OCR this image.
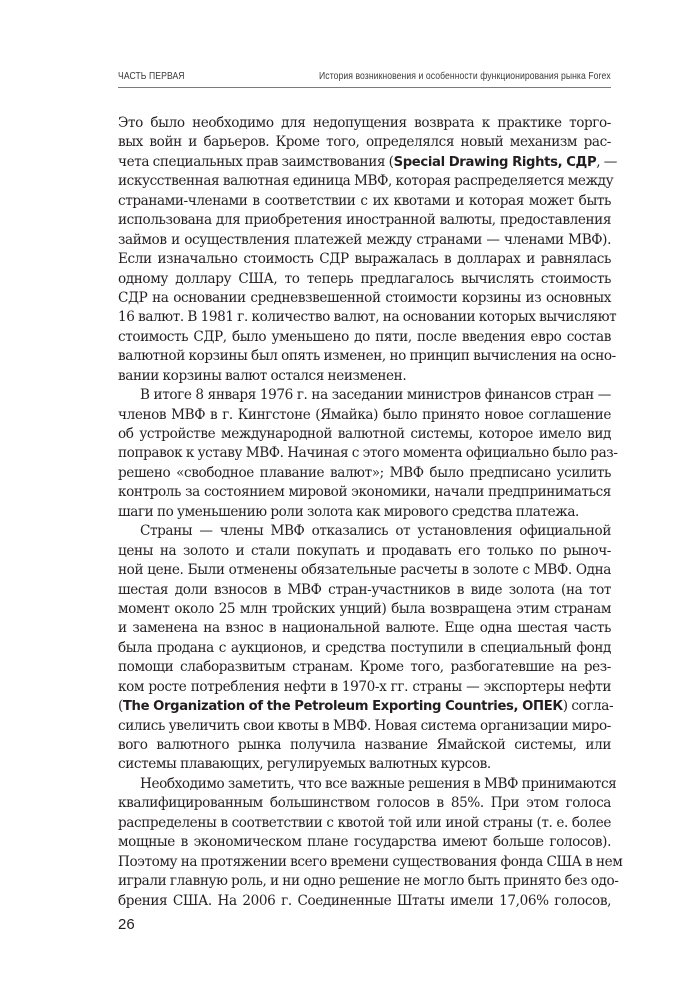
ЧАСТЬ ПЕРВАЯ	История возникновения и особенности функционирования рынка Forex

Это было необходимо для недопущения возврата к практике торго-
вых войн и барьеров. Кроме того, определялся новый механизм рас-
чета специальных прав заимствования (Special Drawing Rights, СДР, —
искусственная валютная единица МВФ, которая распределяется между
странами-членами в соответствии с их квотами и которая может быть
использована для приобретения иностранной валюты, предоставления
займов и осуществления платежей между странами — членами МВФ).
Если изначально стоимость СДР выражалась в долларах и равнялась
одному доллару США, то теперь предлагалось вычислять стоимость
СДР на основании средневзвешенной стоимости корзины из основных
16 валют. В 1981 г. количество валют, на основании которых вычисляют
стоимость СДР, было уменьшено до пяти, после введения евро состав
валютной корзины был опять изменен, но принцип вычисления на осно-
вании корзины валют остался неизменен.

В итоге 8 января 1976 г. на заседании министров финансов стран —
членов МВФ в г. Кингстоне (Ямайка) было принято новое соглашение
об устройстве международной валютной системы, которое имело вид
поправок к уставу МВФ. Начиная с этого момента официально было раз-
решено «свободное плавание валют»; МВФ было предписано усилить
контроль за состоянием мировой экономики, начали предприниматься
шаги по уменьшению роли золота как мирового средства платежа.

Страны — члены МВФ отказались от установления официальной
цены на золото и стали покупать и продавать его только по рыноч-
ной цене. Были отменены обязательные расчеты в золоте с МВФ. Одна
шестая доли взносов в МВФ стран-участников в виде золота (на тот
момент около 25 млн тройских унций) была возвращена этим странам
и заменена на взнос в национальной валюте. Еще одна шестая часть
была продана с аукционов, и средства поступили в специальный фонд
помощи слаборазвитым странам. Кроме того, разбогатевшие на рез-
ком росте потребления нефти в 1970-х гг. страны — экспортеры нефти
(The Organization of the Petroleum Exporting Countries, ОПЕК) согла-
сились увеличить свои квоты в МВФ. Новая система организации миро-
вого валютного рынка получила название Ямайской системы, или
системы плавающих, регулируемых валютных курсов.

Необходимо заметить, что все важные решения в МВФ принимаются
квалифицированным большинством голосов в 85%. При этом голоса
распределены в соответствии с квотой той или иной страны (т. е. более
мощные в экономическом плане государства имеют больше голосов).
Поэтому на протяжении всего времени существования фонда США в нем
играли главную роль, и ни одно решение не могло быть принято без одо-
брения США. На 2006 г. Соединенные Штаты имели 17,06% голосов,

26
